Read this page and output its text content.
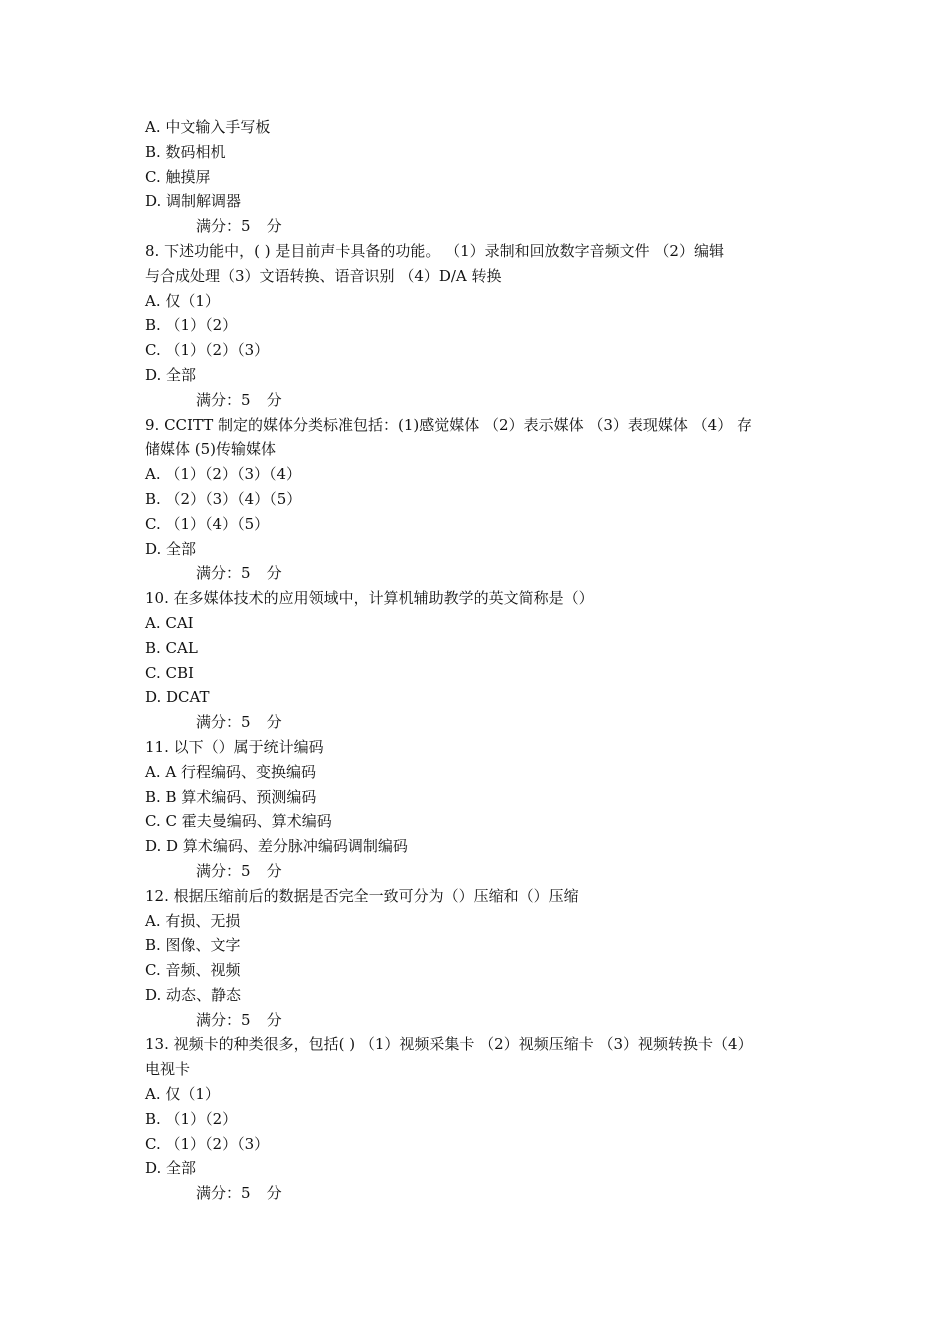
A. 中文输入手写板
B. 数码相机
C. 触摸屏
D. 调制解调器
满分：5 分
8. 下述功能中，( ) 是目前声卡具备的功能。 （1）录制和回放数字音频文件 （2）编辑
与合成处理（3）文语转换、语音识别 （4）D/A 转换
A. 仅（1）
B. （1）（2）
C. （1）（2）（3）
D. 全部
满分：5 分
9. CCITT 制定的媒体分类标准包括：(1)感觉媒体 （2）表示媒体 （3）表现媒体 （4） 存
储媒体 (5)传输媒体
A. （1）（2）（3）（4）
B. （2）（3）（4）（5）
C. （1）（4）（5）
D. 全部
满分：5 分
10. 在多媒体技术的应用领域中，计算机辅助教学的英文简称是（）
A. CAI
B. CAL
C. CBI
D. DCAT
满分：5 分
11. 以下（）属于统计编码
A. A 行程编码、变换编码
B. B 算术编码、预测编码
C. C 霍夫曼编码、算术编码
D. D 算术编码、差分脉冲编码调制编码
满分：5 分
12. 根据压缩前后的数据是否完全一致可分为（）压缩和（）压缩
A. 有损、无损
B. 图像、文字
C. 音频、视频
D. 动态、静态
满分：5 分
13. 视频卡的种类很多，包括( ) （1）视频采集卡 （2）视频压缩卡 （3）视频转换卡（4）
电视卡
A. 仅（1）
B. （1）（2）
C. （1）（2）（3）
D. 全部
满分：5 分
